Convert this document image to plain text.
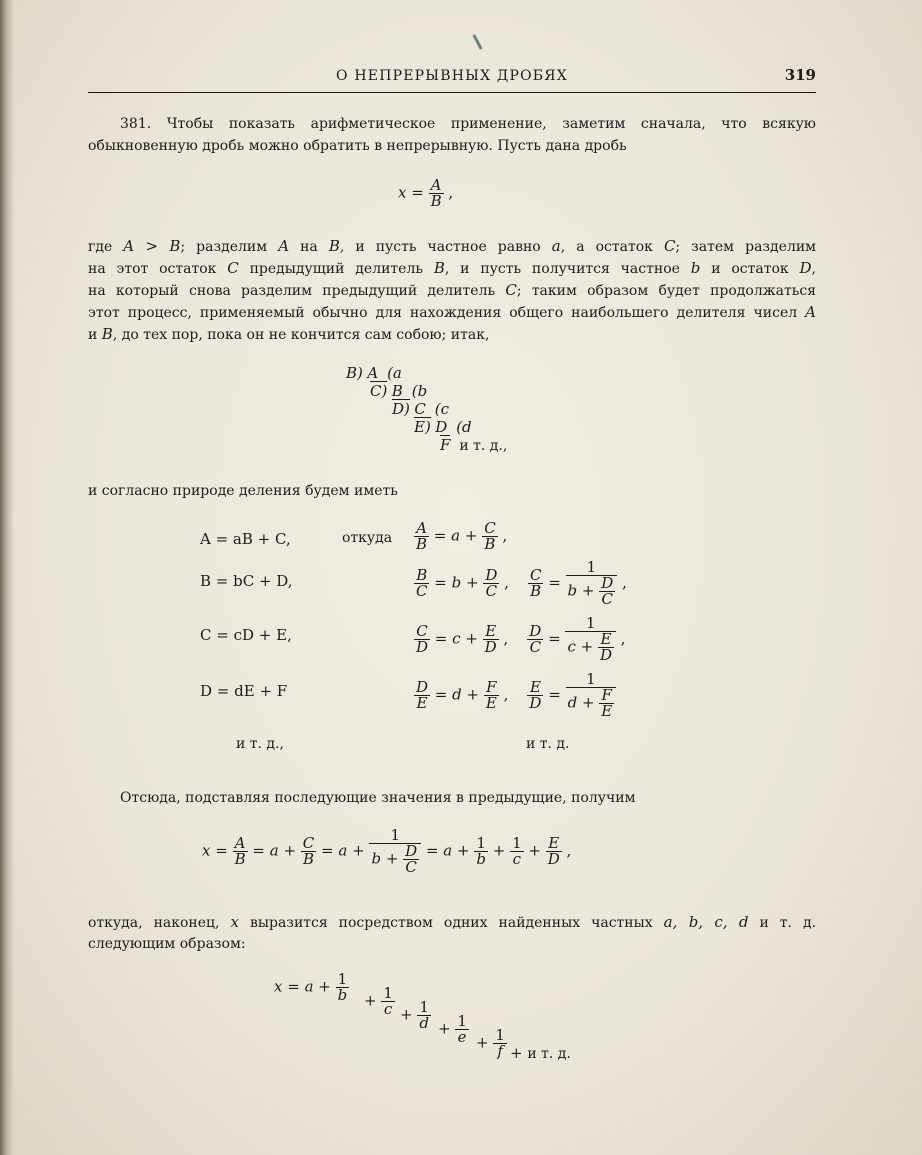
О НЕПРЕРЫВНЫХ ДРОБЯХ	319
381. Чтобы показать арифметическое применение, заметим сначала, что всякую
обыкновенную дробь можно обратить в непрерывную. Пусть дана дробь
$x = \frac{A}{B}$ ,
где A > B; разделим A на B, и пусть частное равно a, а остаток C; затем разделим
на этот остаток C предыдущий делитель B, и пусть получится частное b и остаток D,
на который снова разделим предыдущий делитель C; таким образом будет продолжаться
этот процесс, применяемый обычно для нахождения общего наибольшего делителя чисел A
и B, до тех пор, пока он не кончится сам собою; итак,
B) A (a
C) B (b
D) C (c
E) D (d
F и т. д.,
и согласно природе деления будем иметь
A = aB + C,	откуда $\frac{A}{B} = a + \frac{C}{B}$ ,
B = bC + D,	$\frac{B}{C} = b + \frac{D}{C}$ , $\frac{C}{B} = \frac{1}{b + \frac{D}{C}}$ ,
C = cD + E,	$\frac{C}{D} = c + \frac{E}{D}$ , $\frac{D}{C} = \frac{1}{c + \frac{E}{D}}$ ,
D = dE + F	$\frac{D}{E} = d + \frac{F}{E}$ , $\frac{E}{D} = \frac{1}{d + \frac{F}{E}}$
и т. д.,	и т. д.
Отсюда, подставляя последующие значения в предыдущие, получим
$x = \frac{A}{B} = a + \frac{C}{B} = a + \frac{1}{b + \frac{D}{C}} = a + \frac{1}{b} + \frac{1}{c} + \frac{E}{D}$ ,
откуда, наконец, x выразится посредством одних найденных частных a, b, c, d и т. д.
следующим образом:
$x = a + \frac{1}{b} + \frac{1}{c} + \frac{1}{d} + \frac{1}{e} + \frac{1}{f} + и$ т. д.
